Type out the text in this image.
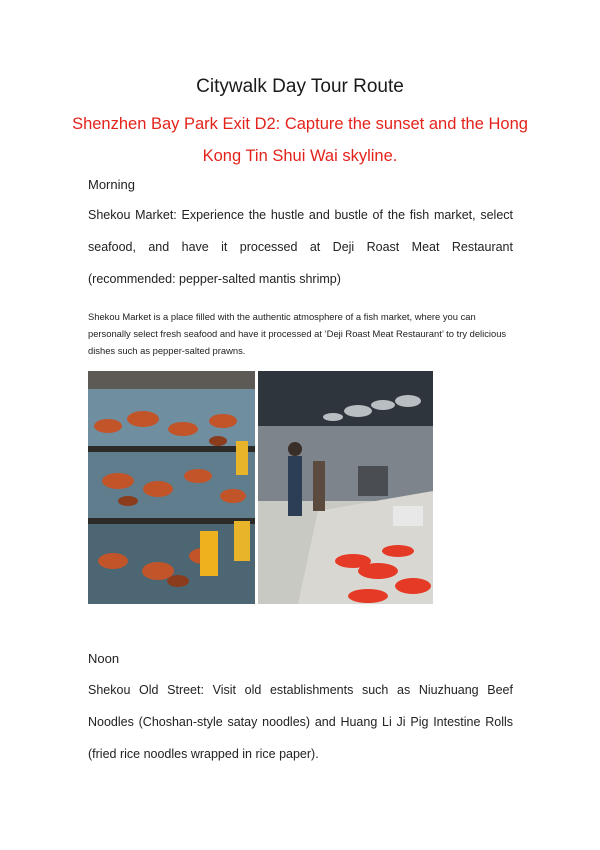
Citywalk Day Tour Route
Shenzhen Bay Park Exit D2: Capture the sunset and the Hong Kong Tin Shui Wai skyline.
Morning
Shekou Market: Experience the hustle and bustle of the fish market, select seafood, and have it processed at Deji Roast Meat Restaurant (recommended: pepper-salted mantis shrimp)
Shekou Market is a place filled with the authentic atmosphere of a fish market, where you can personally select fresh seafood and have it processed at ‘Deji Roast Meat Restaurant’ to try delicious dishes such as pepper-salted prawns.
Noon
Shekou Old Street: Visit old establishments such as Niuzhuang Beef Noodles (Choshan-style satay noodles) and Huang Li Ji Pig Intestine Rolls (fried rice noodles wrapped in rice paper).
